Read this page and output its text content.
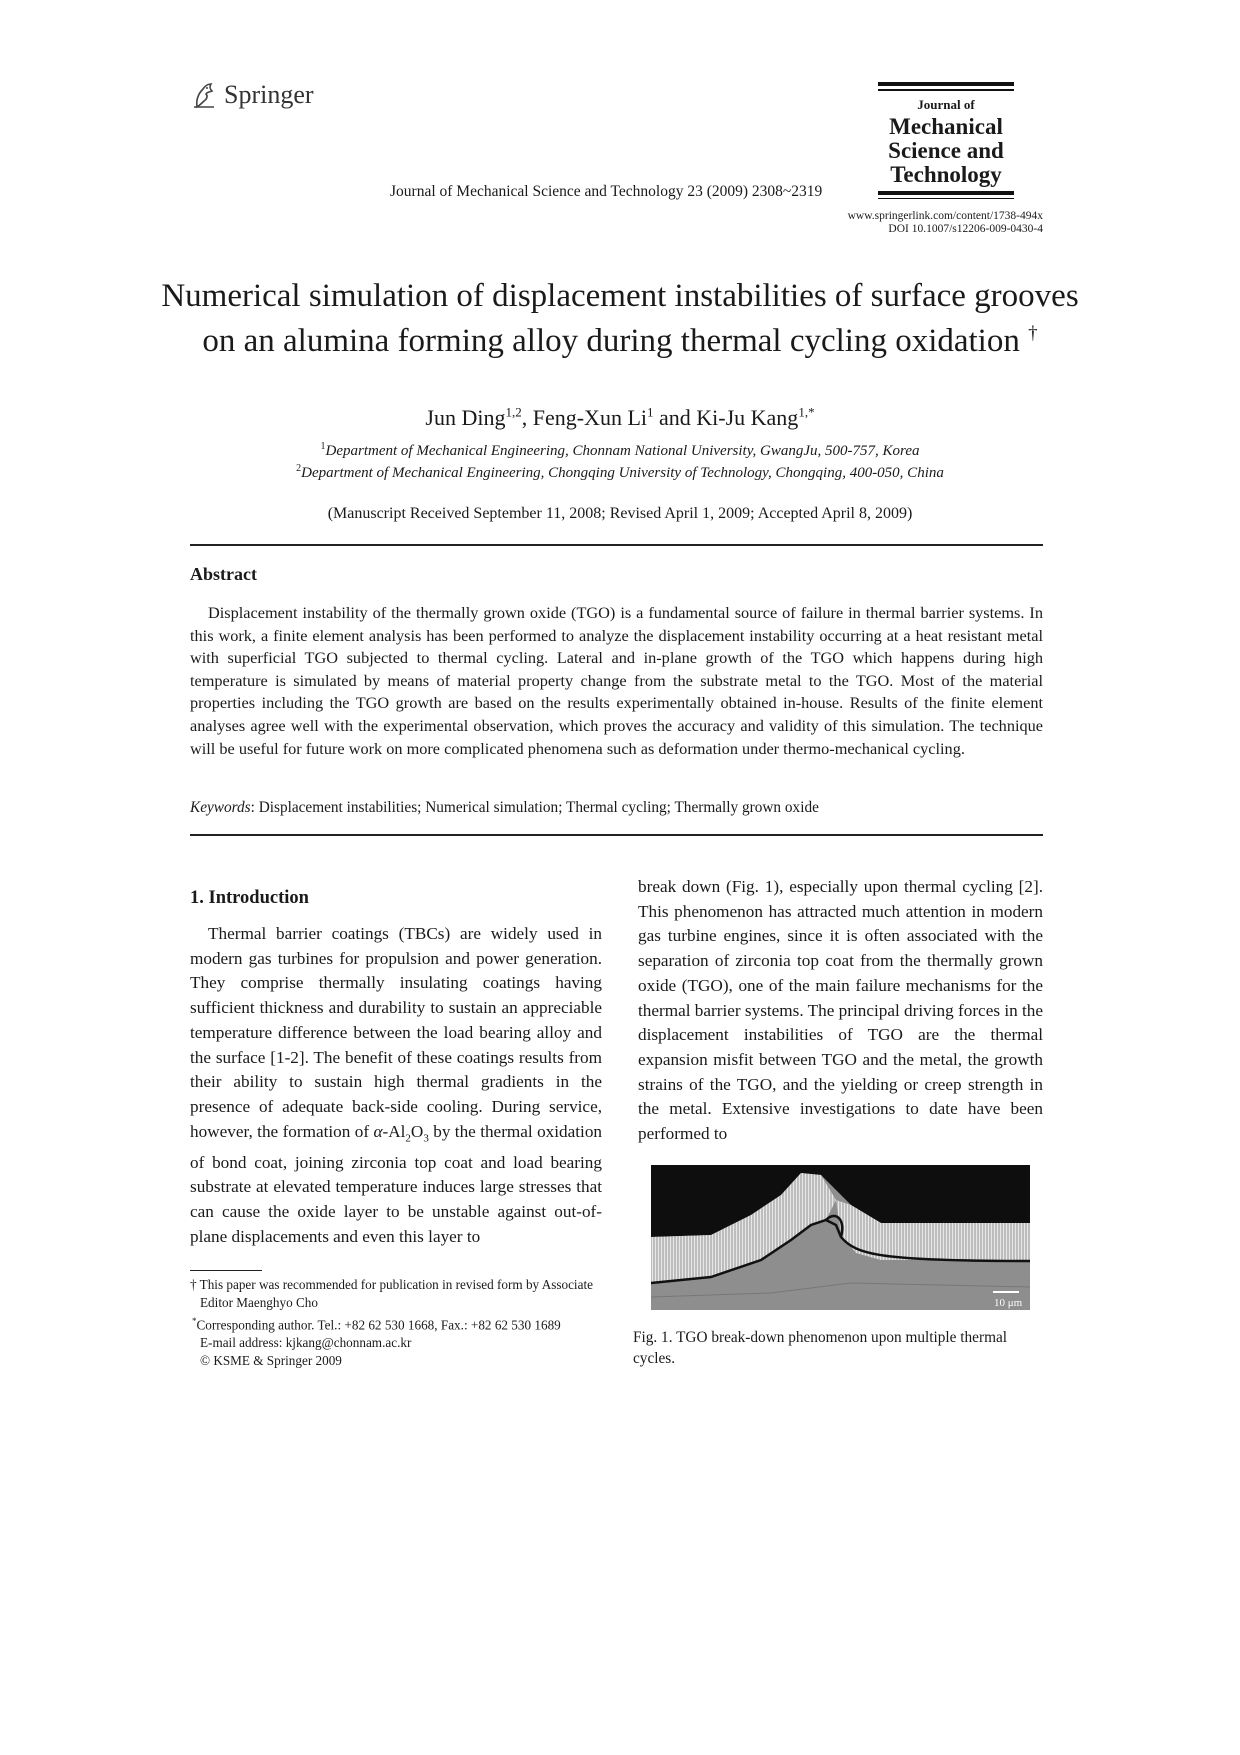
Springer
Journal of Mechanical Science and Technology 23 (2009) 2308~2319
Journal of
Mechanical
Science and
Technology
www.springerlink.com/content/1738-494x
DOI 10.1007/s12206-009-0430-4
Numerical simulation of displacement instabilities of surface grooves on an alumina forming alloy during thermal cycling oxidation †
Jun Ding$^{1,2}$, Feng-Xun Li$^1$ and Ki-Ju Kang$^{1,*}$
$^1$Department of Mechanical Engineering, Chonnam National University, GwangJu, 500-757, Korea
$^2$Department of Mechanical Engineering, Chongqing University of Technology, Chongqing, 400-050, China
(Manuscript Received September 11, 2008; Revised April 1, 2009; Accepted April 8, 2009)
Abstract

Displacement instability of the thermally grown oxide (TGO) is a fundamental source of failure in thermal barrier systems. In this work, a finite element analysis has been performed to analyze the displacement instability occurring at a heat resistant metal with superficial TGO subjected to thermal cycling. Lateral and in-plane growth of the TGO which happens during high temperature is simulated by means of material property change from the substrate metal to the TGO. Most of the material properties including the TGO growth are based on the results experimentally obtained in-house. Results of the finite element analyses agree well with the experimental observation, which proves the accuracy and validity of this simulation. The technique will be useful for future work on more complicated phenomena such as deformation under thermo-mechanical cycling.

Keywords: Displacement instabilities; Numerical simulation; Thermal cycling; Thermally grown oxide
1. Introduction

Thermal barrier coatings (TBCs) are widely used in modern gas turbines for propulsion and power generation. They comprise thermally insulating coatings having sufficient thickness and durability to sustain an appreciable temperature difference between the load bearing alloy and the surface [1-2]. The benefit of these coatings results from their ability to sustain high thermal gradients in the presence of adequate back-side cooling. During service, however, the formation of $\alpha-Al_2O_3$ by the thermal oxidation of bond coat, joining zirconia top coat and load bearing substrate at elevated temperature induces large stresses that can cause the oxide layer to be unstable against out-of-plane displacements and even this layer to

break down (Fig. 1), especially upon thermal cycling [2]. This phenomenon has attracted much attention in modern gas turbine engines, since it is often associated with the separation of zirconia top coat from the thermally grown oxide (TGO), one of the main failure mechanisms for the thermal barrier systems. The principal driving forces in the displacement instabilities of TGO are the thermal expansion misfit between TGO and the metal, the growth strains of the TGO, and the yielding or creep strength in the metal. Extensive investigations to date have been performed to

† This paper was recommended for publication in revised form by Associate Editor Maenghyo Cho
*Corresponding author. Tel.: +82 62 530 1668, Fax.: +82 62 530 1689
E-mail address: kjkang@chonnam.ac.kr
© KSME & Springer 2009
10 μm

Fig. 1. TGO break-down phenomenon upon multiple thermal cycles.
